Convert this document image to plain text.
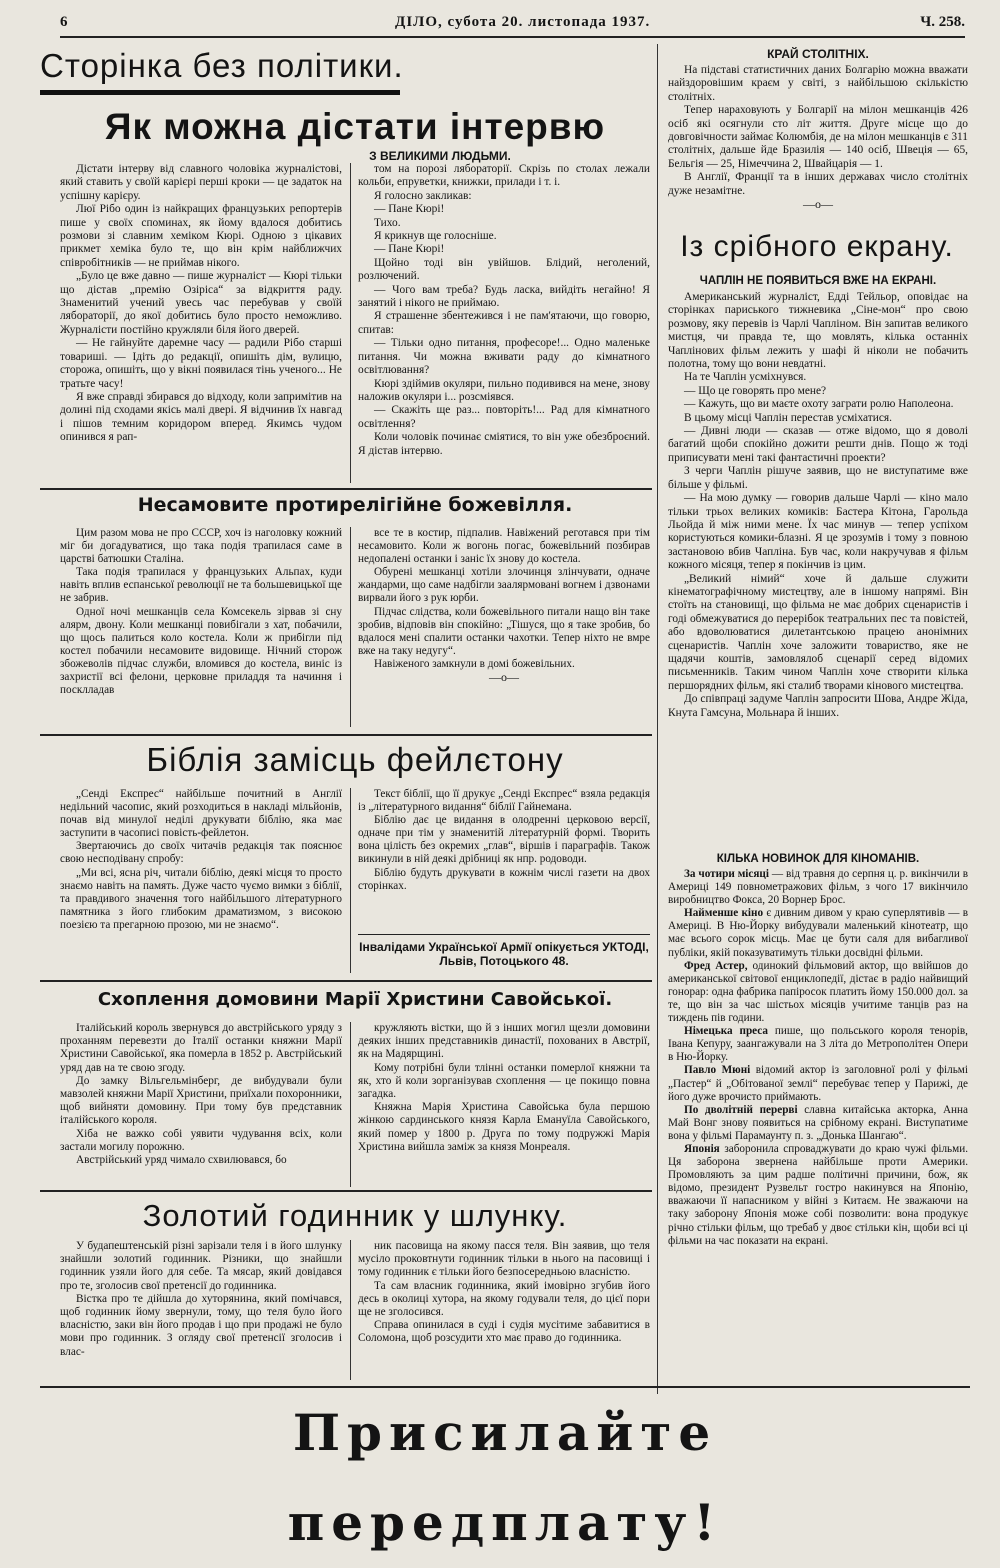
6	ДІЛО, субота 20. листопада 1937.	Ч. 258.
Сторінка без політики.
Як можна дістати інтервю
З ВЕЛИКИМИ ЛЮДЬМИ.

Дістати інтерву від славного чоловіка журналістові, який ставить у своїй карієрі перші кроки — це задаток на успішну карієру.

Люї Рібо один із найкращих французьких репортерів пише у своїх споминах, як йому вдалося добитись розмови зі славним хеміком Кюрі. Одною з цікавих прикмет хеміка було те, що він крім найближчих співробітників — не приймав нікого.

„Було це вже давно — пише журналіст — Кюрі тільки що дістав „премію Озіріса“ за відкриття раду. Знаменитий учений увесь час перебував у своїй лябораторії, до якої добитись було просто неможливо. Журналісти постійно кружляли біля його дверей.

— Не гайнуйте даремне часу — радили Рібо старші товариші. — Ідіть до редакції, опишіть дім, вулицю, сторожа, опишіть, що у вікні появилася тінь ученого... Не тратьте часу!

Я вже справді збирався до відходу, коли запримітив на долині під сходами якісь малі двері. Я відчинив їх навгад і пішов темним коридором вперед. Якимсь чудом опинився я рап-

том на порозі лябораторії. Скрізь по столах лежали кольби, епруветки, книжки, прилади і т. і.

Я голосно закликав:

— Пане Кюрі!

Тихо.

Я крикнув ще голосніше.

— Пане Кюрі!

Щойно тоді він увійшов. Блідий, неголений, розлючений.

— Чого вам треба? Будь ласка, вийдіть негайно! Я занятий і нікого не приймаю.

Я страшенне збентежився і не пам'ятаючи, що говорю, спитав:

— Тільки одно питання, професоре!... Одно маленьке питання. Чи можна вживати раду до кімнатного освітлювання?

Кюрі здіймив окуляри, пильно подивився на мене, знову наложив окуляри і... розсміявся.

— Скажіть ще раз... повторіть!... Рад для кімнатного освітлення?

Коли чоловік починає сміятися, то він уже обезброєний. Я дістав інтервю.

Несамовите протирелігійне божевілля.

Цим разом мова не про СССР, хоч із наголовку кожний міг би догадуватися, що така подія трапилася саме в царстві батюшки Сталіна.

Така подія трапилася у французьких Альпах, куди навіть вплив еспанської революції не та большевицької ще не забрив.

Одної ночі мешканців села Комсекель зірвав зі сну алярм, двону. Коли мешканці повибігали з хат, побачили, що щось палиться коло костела. Коли ж прибігли під костел побачили несамовите видовище. Нічний сторож збожеволів підчас служби, вломився до костела, виніс із захристії всі фелони, церковне приладдя та начиння і посклладав

все те в костир, підпалив. Навіжений реготався при тім несамовито. Коли ж вогонь погас, божевільний позбирав недопалені останки і заніс їх знову до костела.

Обурені мешканці хотіли злочинця злінчувати, одначе жандарми, що саме надбігли заалярмовані вогнем і дзвонами вирвали його з рук юрби.

Підчас слідства, коли божевільного питали нащо він таке зробив, відповів він спокійно: „Тішуся, що я таке зробив, бо вдалося мені спалити останки чахотки. Тепер ніхто не вмре вже на таку недугу“.

Навіженого замкнули в домі божевільних.

—o—
Біблія замісць фейлєтону

„Сенді Експрес“ найбільше почитний в Англії недільний часопис, який розходиться в накладі мільйонів, почав від минулої неділі друкувати біблію, яка має заступити в часописі повість-фейлетон.

Звертаючись до своїх читачів редакція так пояснює свою несподівану спробу:

„Ми всі, ясна річ, читали біблію, деякі місця то просто знаємо навіть на память. Дуже часто чуємо вимки з біблії, та правдивого значення того найбільшого літературного памятника з його глибоким драматизмом, з високою поезією та прегарною прозою, ми не знаємо“.

Текст біблії, що її друкує „Сенді Експрес“ взяла редакція із „літературного видання“ біблії Гайнемана.

Біблію дає це видання в олодренні церковою версії, одначе при тім у знаменитій літературній формі. Творить вона цілість без окремих „глав“, віршів і параграфів. Також викинули в ній деякі дрібниці як нпр. родоводи.

Біблію будуть друкувати в кожнім числі газети на двох сторінках.

Інвалідами Української Армії опікується УКТОДІ, Львів, Потоцького 48.
Схоплення домовини Марії Христини Савойської.

Італійський король звернувся до австрійського уряду з проханням перевезти до Італії останки княжни Марії Христини Савойської, яка померла в 1852 р. Австрійський уряд дав на те свою згоду.

До замку Вільгельмінберг, де вибудували були мавзолей княжни Марії Христини, приїхали похоронники, щоб вийняти домовину. При тому був представник італійського короля.

Хіба не важко собі уявити чудування всіх, коли застали могилу порожню.

Австрійський уряд чимало схвилювався, бо

кружляють вістки, що й з інших могил щезли домовини деяких інших представників династії, похованих в Австрії, як на Мадярщині.

Кому потрібні були тлінні останки померлої княжни та як, хто й коли зорганізував схоплення — це покищо повна загадка.

Княжна Марія Христина Савойська була першою жінкою сардинського князя Карла Емануїла Савойського, який помер у 1800 р. Друга по тому подружжі Марія Христина вийшла заміж за князя Монреаля.

Золотий годинник у шлунку.

У будапештенській різні зарізали теля і в його шлунку знайшли золотий годинник. Різники, що знайшли годинник узяли його для себе. Та мясар, який довідався про те, зголосив свої претенсії до годинника.

Вістка про те дійшла до хуторянина, який помічався, щоб годинник йому звернули, тому, що теля було його власністю, заки він його продав і що при продажі не було мови про годинник. З огляду свої претенсії зголосив і влас-

ник пасовища на якому пасся теля. Він заявив, що теля мусіло проковтнути годинник тільки в нього на пасовищі і тому годинник є тільки його безпосередньою власністю.

Та сам власник годинника, який імовірно згубив його десь в околиці хутора, на якому годували теля, до цієї пори ще не зголосився.

Справа опинилася в суді і судія мусітиме забавитися в Соломона, щоб розсудити хто має право до годинника.

КРАЙ СТОЛІТНІХ.

На підставі статистичних даних Болгарію можна вважати найздоровішим краєм у світі, з найбільшою скількістю столітніх.

Тепер нараховують у Болгарії на мілон мешканців 426 осіб які осягнули сто літ життя. Друге місце що до довговічности займає Колюмбія, де на мілон мешканців є 311 столітніх, дальше йде Бразилія — 140 осіб, Швеція — 65, Бельгія — 25, Німеччина 2, Швайцарія — 1.

В Англії, Франції та в інших державах число столітніх дуже незамітне.

—o—
Із срібного екрану.
ЧАПЛІН НЕ ПОЯВИТЬСЯ ВЖЕ НА ЕКРАНІ.

Американський журналіст, Едді Тейльор, оповідає на сторінках париського тижневика „Сіне-мон“ про свою розмову, яку перевів із Чарлі Чапліном. Він запитав великого мистця, чи правда те, що мовлять, кілька останніх Чаплінових фільм лежить у шафі й ніколи не побачить полотна, тому що вони невдатні.

На те Чаплін усміхнувся.

— Що це говорять про мене?

— Кажуть, що ви маєте охоту заграти ролю Наполеона.

В цьому місці Чаплін перестав усміхатися.

— Дивні люди — сказав — отже відомо, що я доволі багатий щоби спокійно дожити решти днів. Пощо ж тоді приписувати мені такі фантастичні проекти?

З черги Чаплін рішуче заявив, що не виступатиме вже більше у фільмі.

— На мою думку — говорив дальше Чарлі — кіно мало тільки трьох великих комиків: Бастера Кітона, Гарольда Льойда й між ними мене. Їх час минув — тепер успіхом користуються комики-блазні. Я це зрозумів і тому з повною застановою вбив Чапліна. Був час, коли накручував я фільм кожного місяця, тепер я покінчив із цим.

„Великий німий“ хоче й дальше служити кінематографічному мистецтву, але в іншому напрямі. Він стоїть на становищі, що фільма не має добрих сценаристів і годі обмежуватися до перерібок театральних пес та повістей, або вдоволюватися дилетантською працею анонімних сценаристів. Чаплін хоче заложити товариство, яке не щадячи коштів, замовлялоб сценарії серед відомих письменників. Таким чином Чаплін хоче створити кілька першорядних фільм, які сталиб творами кінового мистецтва.

До співпраці задуме Чаплін запросити Шова, Андре Жіда, Кнута Гамсуна, Мольнара й інших.

КІЛЬКА НОВИНОК ДЛЯ КІНОМАНІВ.

За чотири місяці — від травня до серпня ц. р. викінчили в Америці 149 повнометражових фільм, з чого 17 викінчило виробництво Фокса, 20 Ворнер Брос.

Найменше кіно є дивним дивом у краю суперлятивів — в Америці. В Ню-Йорку вибудували маленький кінотеатр, що має всього сорок місць. Має це бути саля для вибагливої публіки, якій показуватимуть тільки досвідні фільми.

Фред Астер, одинокий фільмовий актор, що ввійшов до американської світової енциклопедії, дістає в радіо найвищий гонорар: одна фабрика папіросок платить йому 150.000 дол. за те, що він за час шістьох місяців учитиме танців раз на тиждень пів години.

Німецька преса пише, що польського короля тенорів, Івана Кепуру, заангажували на 3 літа до Метрополітен Опери в Ню-Йорку.

Павло Мюні відомий актор із заголовної ролі у фільмі „Пастер“ й „Обітованої землі“ перебуває тепер у Парижі, де його дуже врочисто приймають.

По дволітній перерві славна китайська акторка, Анна Май Вонг знову появиться на срібному екрані. Виступатиме вона у фільмі Парамаунту п. з. „Донька Шангаю“.

Японія заборонила спроваджувати до краю чужі фільми. Ця заборона звернена найбільше проти Америки. Промовляють за цим радше політичні причини, бож, як відомо, президент Рузвельт гостро накинувся на Японію, вважаючи її напасником у війні з Китаєм. Не зважаючи на таку заборону Японія може собі позволити: вона продукує річно стільки фільм, що требаб у двоє стільки кін, щоби всі ці фільми на час показати на екрані.

Присилайте передплату!
